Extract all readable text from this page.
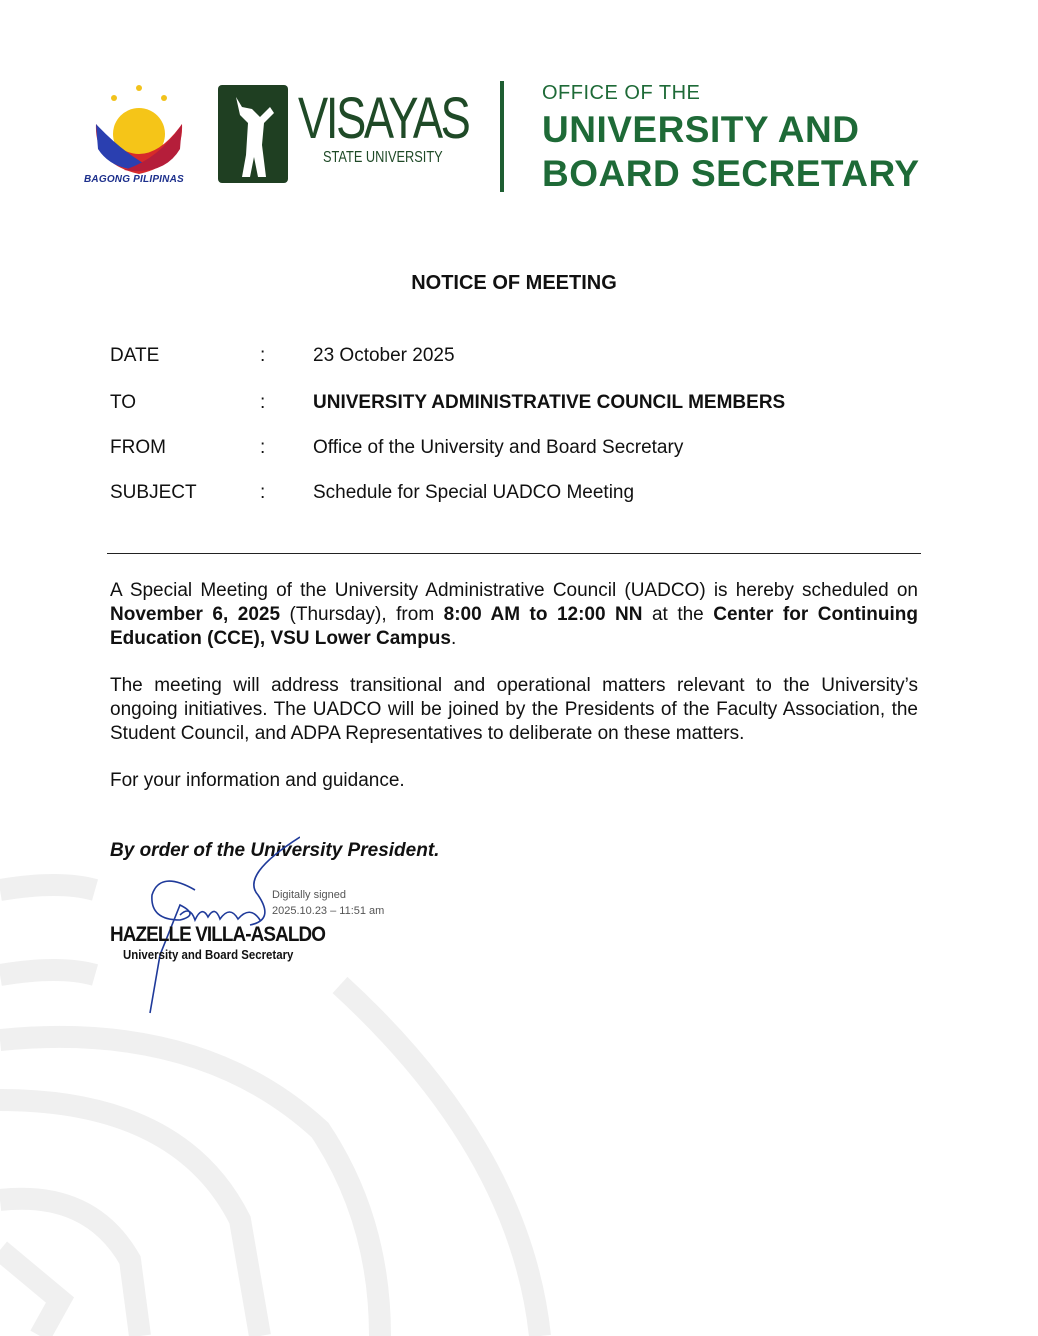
BAGONG PILIPINAS
VISAYAS
STATE UNIVERSITY
OFFICE OF THE
UNIVERSITY AND
BOARD SECRETARY
NOTICE OF MEETING
DATE	:	23 October 2025
TO	:	UNIVERSITY ADMINISTRATIVE COUNCIL MEMBERS
FROM	:	Office of the University and Board Secretary
SUBJECT	:	Schedule for Special UADCO Meeting
A Special Meeting of the University Administrative Council (UADCO) is hereby scheduled on November 6, 2025 (Thursday), from 8:00 AM to 12:00 NN at the Center for Continuing Education (CCE), VSU Lower Campus.
The meeting will address transitional and operational matters relevant to the University’s ongoing initiatives. The UADCO will be joined by the Presidents of the Faculty Association, the Student Council, and ADPA Representatives to deliberate on these matters.
For your information and guidance.
By order of the University President.
Digitally signed
2025.10.23 – 11:51 am
HAZELLE VILLA-ASALDO
University and Board Secretary
